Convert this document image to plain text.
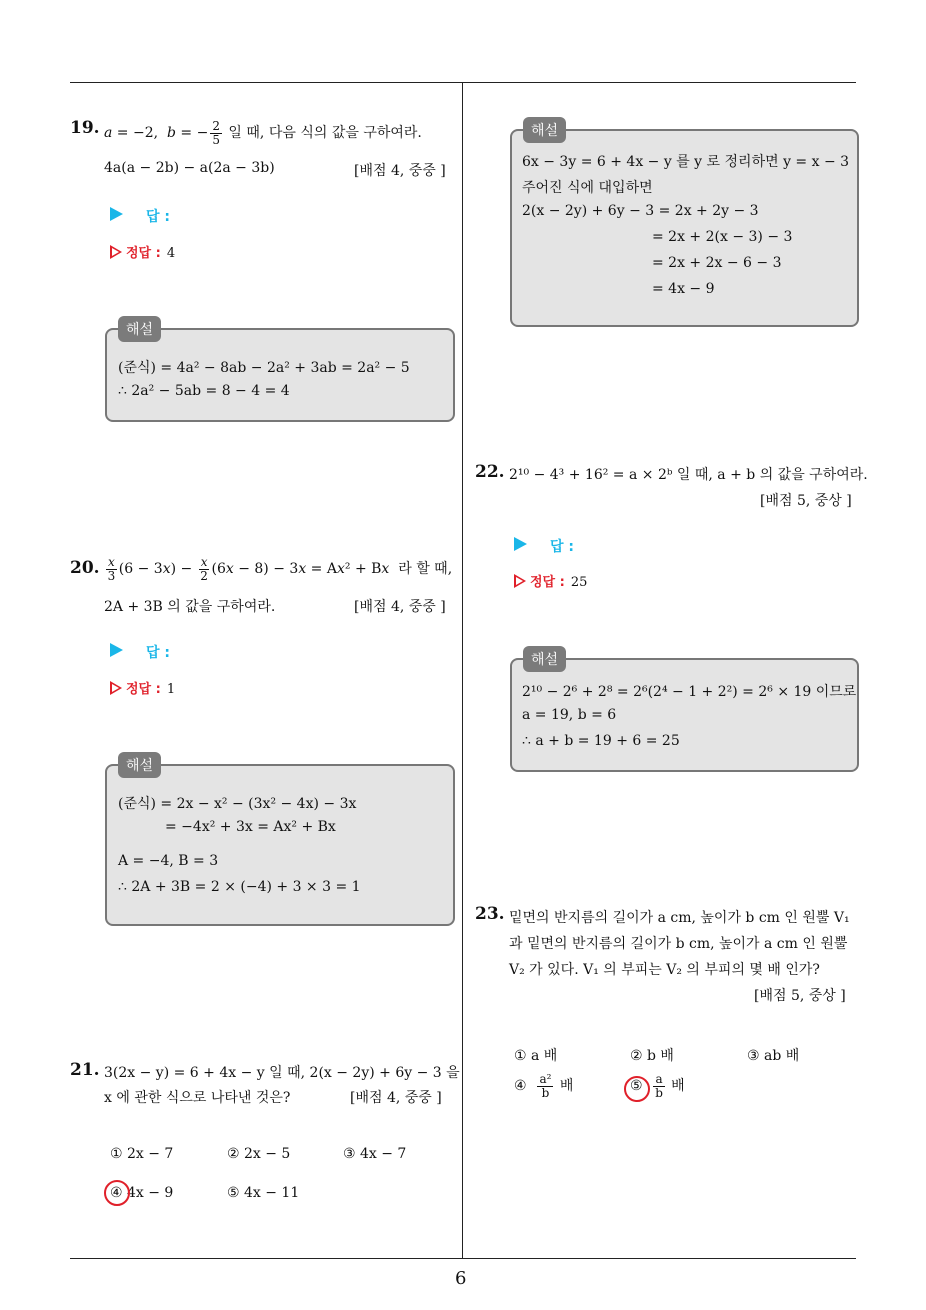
19. a = −2,  b = − $\frac{2}{5}$ 일 때, 다음 식의 값을 구하여라.
4a(a − 2b) − a(2a − 3b)	[배점 4, 중중 ]
답 :
정답 : 4
해설
(준식) = 4a² − 8ab − 2a² + 3ab = 2a² − 5
∴ 2a² − 5ab = 8 − 4 = 4
20. $\frac{x}{3} (6 - 3x) - \frac{x}{2} (6x - 8) - 3x = Ax^2 + Bx$ 라 할 때,
2A + 3B 의 값을 구하여라.	[배점 4, 중중 ]
답 :
정답 : 1
해설
(준식) = 2x − x² − (3x² − 4x) − 3x
= −4x² + 3x = Ax² + Bx
A = −4, B = 3
∴ 2A + 3B = 2 × (−4) + 3 × 3 = 1
21. 3(2x − y) = 6 + 4x − y 일 때, 2(x − 2y) + 6y − 3 을
x 에 관한 식으로 나타낸 것은?	[배점 4, 중중 ]
① 2x − 7	② 2x − 5	③ 4x − 7
④ 4x − 9	⑤ 4x − 11
해설
6x − 3y = 6 + 4x − y 를 y 로 정리하면 y = x − 3
주어진 식에 대입하면
2(x − 2y) + 6y − 3 = 2x + 2y − 3
= 2x + 2(x − 3) − 3
= 2x + 2x − 6 − 3
= 4x − 9
22. 2¹⁰ − 4³ + 16² = a × 2ᵇ 일 때, a + b 의 값을 구하여라.
[배점 5, 중상 ]
답 :
정답 : 25
해설
2¹⁰ − 2⁶ + 2⁸ = 2⁶(2⁴ − 1 + 2²) = 2⁶ × 19 이므로
a = 19, b = 6
∴ a + b = 19 + 6 = 25
23. 밑면의 반지름의 길이가 a cm, 높이가 b cm 인 원뿔 V₁
과 밑면의 반지름의 길이가 b cm, 높이가 a cm 인 원뿔
V₂ 가 있다. V₁ 의 부피는 V₂ 의 부피의 몇 배 인가?
[배점 5, 중상 ]
① a 배	② b 배	③ ab 배
④ $\frac{\text{a²}}{b}$ 배	⑤ $\frac{a}{b}$ 배
6
